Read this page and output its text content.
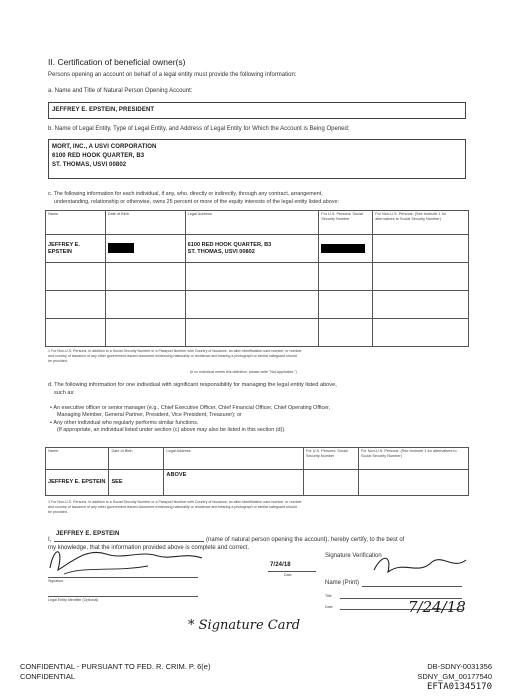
II. Certification of beneficial owner(s)
Persons opening an account on behalf of a legal entity must provide the following information:
a. Name and Title of Natural Person Opening Account:
JEFFREY E. EPSTEIN, PRESIDENT
b. Name of Legal Entity, Type of Legal Entity, and Address of Legal Entity for Which the Account is Being Opened:
MORT, INC., A USVI CORPORATION
6100 RED HOOK QUARTER, B3
ST. THOMAS, USVI 00802
c. The following information for each individual, if any, who, directly or indirectly, through any contract, arrangement,
understanding, relationship or otherwise, owns 25 percent or more of the equity interests of the legal entity listed above:
Name	Date of Birth	Legal Address	For U.S. Persons: Social Security Number	For Non-U.S. Persons: (See footnote 1 for alternatives to Social Security Number)
JEFFREY E. EPSTEIN		6100 RED HOOK QUARTER, B3
ST. THOMAS, USVI 00802		

1 For Non-U.S. Persons, in addition to a Social Security Number or a Passport Number with Country of Issuance, an alien identification card number, or number
and country of issuance of any other government-issued document evidencing nationality or residence and bearing a photograph or similar safeguard should
be provided.
(If no individual meets this definition, please write "Not Applicable.")
d. The following information for one individual with significant responsibility for managing the legal entity listed above,
such as:
• An executive officer or senior manager (e.g., Chief Executive Officer, Chief Financial Officer, Chief Operating Officer,
Managing Member, General Partner, President, Vice President, Treasurer); or
• Any other individual who regularly performs similar functions.
(If appropriate, an individual listed under section (c) above may also be listed in this section (d)).
Name	Date of Birth	Legal Address	For U.S. Persons: Social Security Number	For Non-U.S. Persons: (See footnote 1 for alternatives to Social Security Number)
JEFFREY E. EPSTEIN	SEE	ABOVE		
1 For Non-U.S. Persons, in addition to a Social Security Number or a Passport Number with Country of Issuance, an alien identification card number, or number
and country of issuance of any other government-issued document evidencing nationality or residence and bearing a photograph or similar safeguard should
be provided.
I,
JEFFREY E. EPSTEIN
(name of natural person opening the account), hereby certify, to the best of
my knowledge, that the information provided above is complete and correct.
Signature Verification
7/24/18
Date
Signature	Name (Print)
Title
Date
Legal Entity Identifier (Optional)	7/24/18
* Signature Card
CONFIDENTIAL - PURSUANT TO FED. R. CRIM. P. 6(e)
CONFIDENTIAL
DB-SDNY-0031356
SDNY_GM_00177540
EFTA01345170
